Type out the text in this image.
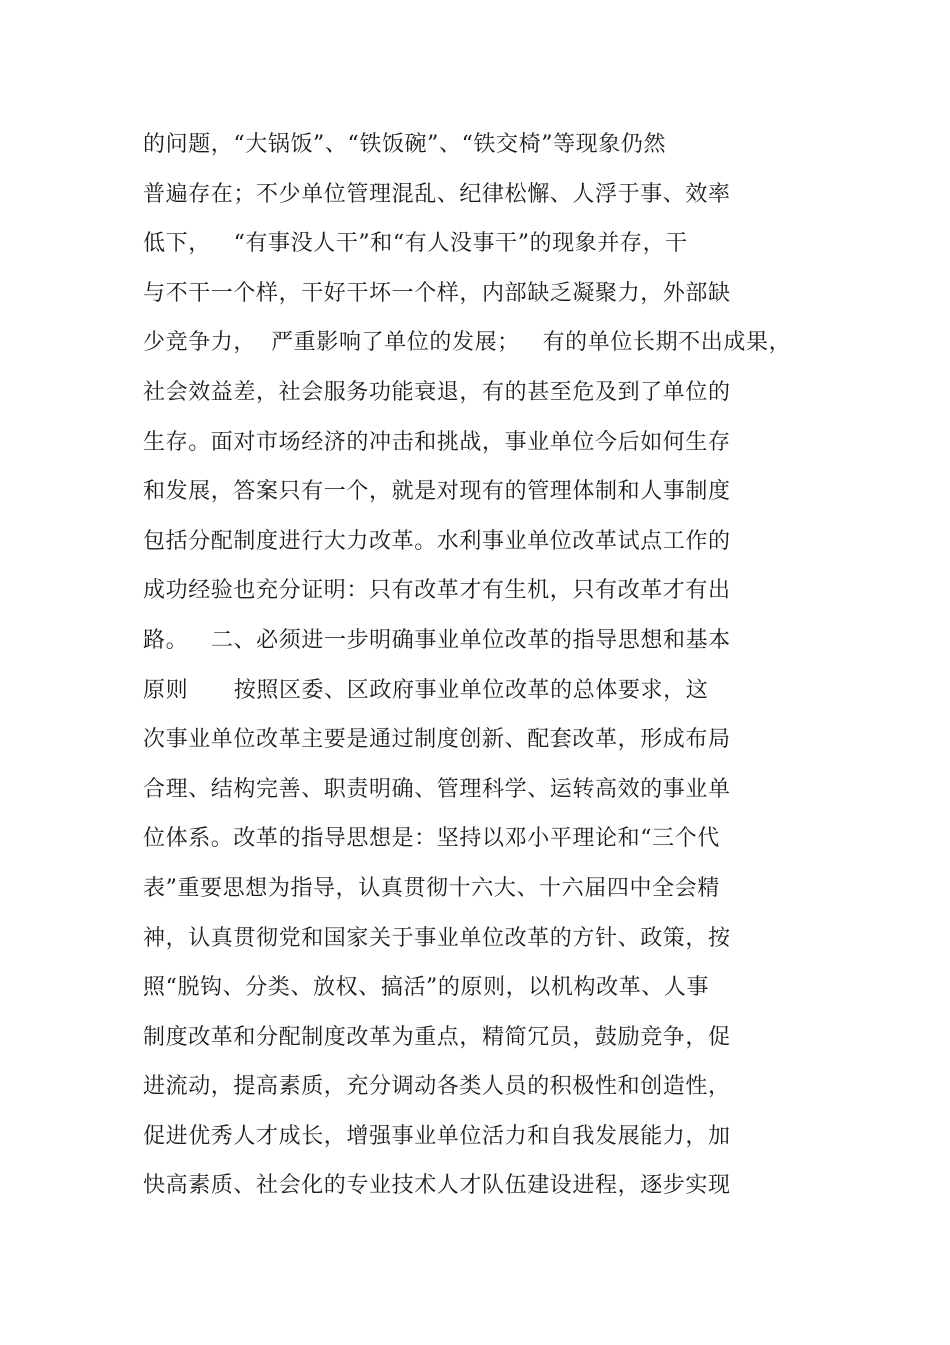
的问题，“大锅饭”、“铁饭碗”、“铁交椅”等现象仍然
普遍存在；不少单位管理混乱、纪律松懈、人浮于事、效率
低下，   “有事没人干”和“有人没事干”的现象并存，干
与不干一个样，干好干坏一个样，内部缺乏凝聚力，外部缺
少竞争力，  严重影响了单位的发展；   有的单位长期不出成果，
社会效益差，社会服务功能衰退，有的甚至危及到了单位的
生存。面对市场经济的冲击和挑战，事业单位今后如何生存
和发展，答案只有一个，就是对现有的管理体制和人事制度
包括分配制度进行大力改革。水利事业单位改革试点工作的
成功经验也充分证明：只有改革才有生机，只有改革才有出
路。   二、必须进一步明确事业单位改革的指导思想和基本
原则      按照区委、区政府事业单位改革的总体要求，这
次事业单位改革主要是通过制度创新、配套改革，形成布局
合理、结构完善、职责明确、管理科学、运转高效的事业单
位体系。改革的指导思想是：坚持以邓小平理论和“三个代
表”重要思想为指导，认真贯彻十六大、十六届四中全会精
神，认真贯彻党和国家关于事业单位改革的方针、政策，按
照“脱钩、分类、放权、搞活”的原则，以机构改革、人事
制度改革和分配制度改革为重点，精简冗员，鼓励竞争，促
进流动，提高素质，充分调动各类人员的积极性和创造性，
促进优秀人才成长，增强事业单位活力和自我发展能力，加
快高素质、社会化的专业技术人才队伍建设进程，逐步实现
